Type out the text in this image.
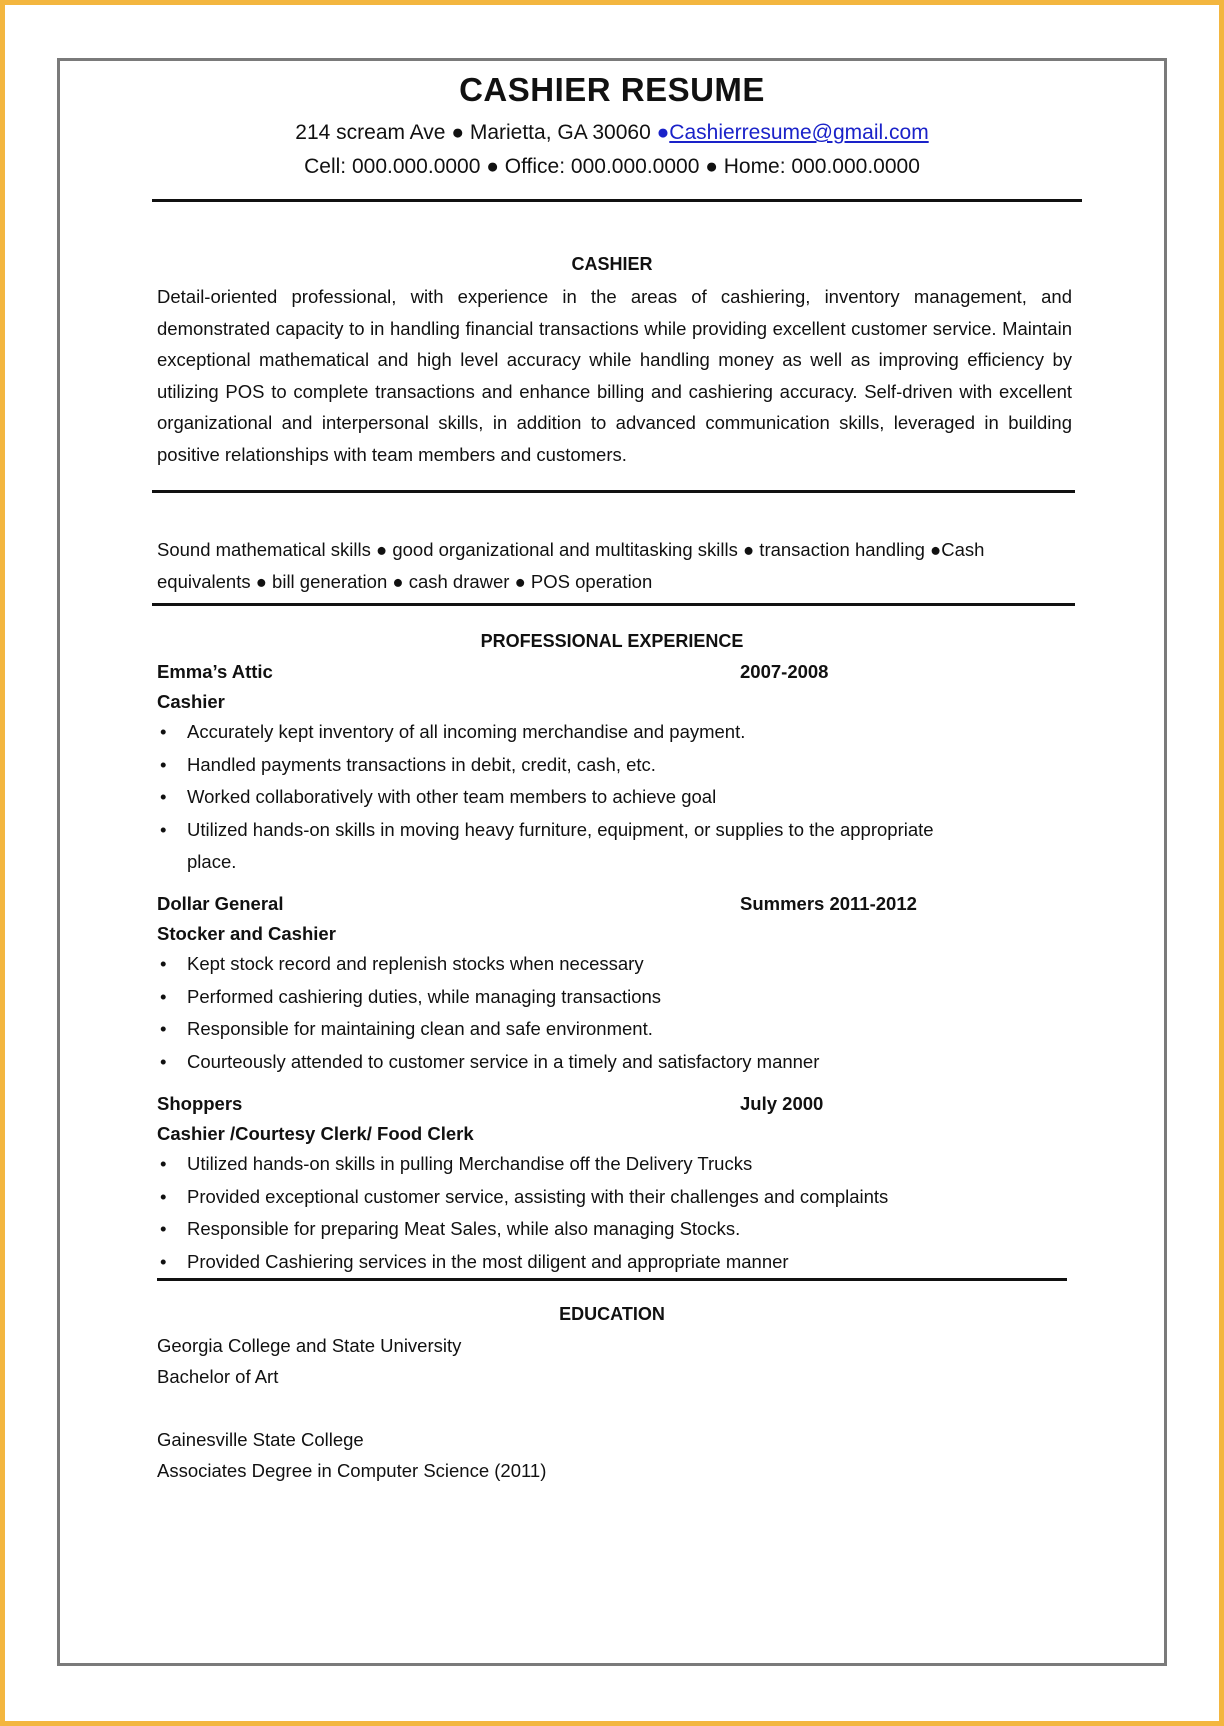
CASHIER RESUME
214 scream Ave ● Marietta, GA 30060 ●Cashierresume@gmail.com
Cell: 000.000.0000 ● Office: 000.000.0000 ● Home: 000.000.0000
CASHIER
Detail-oriented professional, with experience in the areas of cashiering, inventory management, and demonstrated capacity to in handling financial transactions while providing excellent customer service. Maintain exceptional mathematical and high level accuracy while handling money as well as improving efficiency by utilizing POS to complete transactions and enhance billing and cashiering accuracy. Self-driven with excellent organizational and interpersonal skills, in addition to advanced communication skills, leveraged in building positive relationships with team members and customers.
Sound mathematical skills ● good organizational and multitasking skills ● transaction handling ●Cash equivalents ● bill generation ● cash drawer ● POS operation
PROFESSIONAL EXPERIENCE
Emma’s Attic	2007-2008
Cashier
• Accurately kept inventory of all incoming merchandise and payment.
• Handled payments transactions in debit, credit, cash, etc.
• Worked collaboratively with other team members to achieve goal
• Utilized hands-on skills in moving heavy furniture, equipment, or supplies to the appropriate place.
Dollar General	Summers 2011-2012
Stocker and Cashier
• Kept stock record and replenish stocks when necessary
• Performed cashiering duties, while managing transactions
• Responsible for maintaining clean and safe environment.
• Courteously attended to customer service in a timely and satisfactory manner
Shoppers	July 2000
Cashier /Courtesy Clerk/ Food Clerk
• Utilized hands-on skills in pulling Merchandise off the Delivery Trucks
• Provided exceptional customer service, assisting with their challenges and complaints
• Responsible for preparing Meat Sales, while also managing Stocks.
• Provided Cashiering services in the most diligent and appropriate manner
EDUCATION
Georgia College and State University
Bachelor of Art
Gainesville State College
Associates Degree in Computer Science (2011)
